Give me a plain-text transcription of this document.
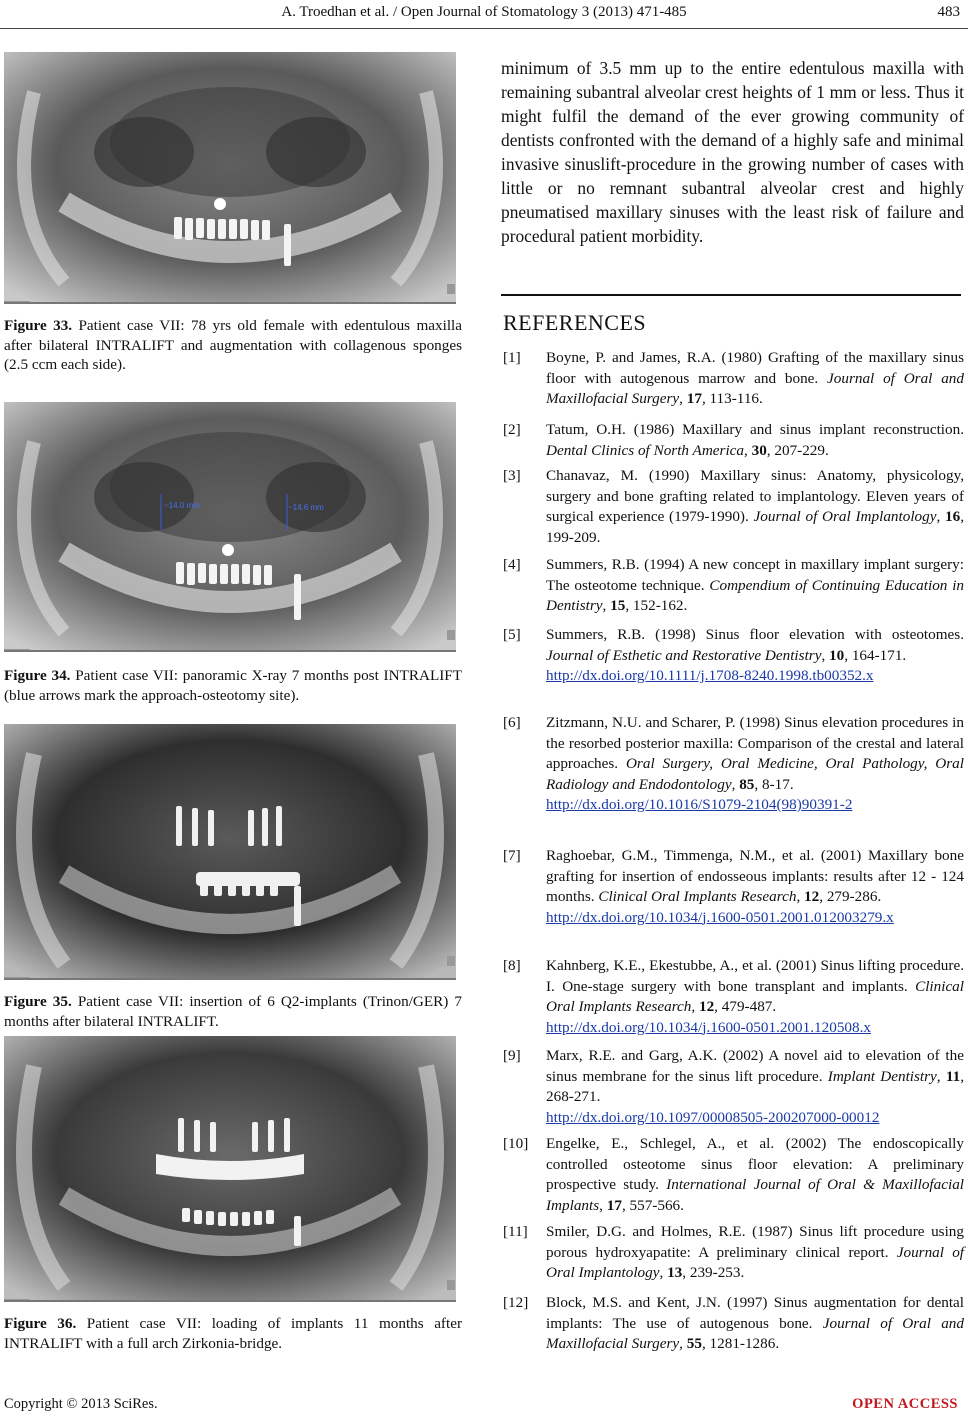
A. Troedhan et al. / Open Journal of Stomatology 3 (2013) 471-485	483
Figure 33. Patient case VII: 78 yrs old female with edentulous maxilla after bilateral INTRALIFT and augmentation with collagenous sponges (2.5 ccm each side).
~14.0 mm	~14.6 mm
Figure 34. Patient case VII: panoramic X-ray 7 months post INTRALIFT (blue arrows mark the approach-osteotomy site).
Figure 35. Patient case VII: insertion of 6 Q2-implants (Trinon/GER) 7 months after bilateral INTRALIFT.
Figure 36. Patient case VII: loading of implants 11 months after INTRALIFT with a full arch Zirkonia-bridge.

minimum of 3.5 mm up to the entire edentulous maxilla with remaining subantral alveolar crest heights of 1 mm or less. Thus it might fulfil the demand of the ever growing community of dentists confronted with the demand of a highly safe and minimal invasive sinuslift-procedure in the growing number of cases with little or no remnant subantral alveolar crest and highly pneumatised maxillary sinuses with the least risk of failure and procedural patient morbidity.

REFERENCES
[1] Boyne, P. and James, R.A. (1980) Grafting of the maxillary sinus floor with autogenous marrow and bone. Journal of Oral and Maxillofacial Surgery, 17, 113-116.
[2] Tatum, O.H. (1986) Maxillary and sinus implant reconstruction. Dental Clinics of North America, 30, 207-229.
[3] Chanavaz, M. (1990) Maxillary sinus: Anatomy, physicology, surgery and bone grafting related to implantology. Eleven years of surgical experience (1979-1990). Journal of Oral Implantology, 16, 199-209.
[4] Summers, R.B. (1994) A new concept in maxillary implant surgery: The osteotome technique. Compendium of Continuing Education in Dentistry, 15, 152-162.
[5] Summers, R.B. (1998) Sinus floor elevation with osteotomes. Journal of Esthetic and Restorative Dentistry, 10, 164-171.
http://dx.doi.org/10.1111/j.1708-8240.1998.tb00352.x
[6] Zitzmann, N.U. and Scharer, P. (1998) Sinus elevation procedures in the resorbed posterior maxilla: Comparison of the crestal and lateral approaches. Oral Surgery, Oral Medicine, Oral Pathology, Oral Radiology and Endodontology, 85, 8-17.
http://dx.doi.org/10.1016/S1079-2104(98)90391-2
[7] Raghoebar, G.M., Timmenga, N.M., et al. (2001) Maxillary bone grafting for insertion of endosseous implants: results after 12 - 124 months. Clinical Oral Implants Research, 12, 279-286.
http://dx.doi.org/10.1034/j.1600-0501.2001.012003279.x
[8] Kahnberg, K.E., Ekestubbe, A., et al. (2001) Sinus lifting procedure. I. One-stage surgery with bone transplant and implants. Clinical Oral Implants Research, 12, 479-487.
http://dx.doi.org/10.1034/j.1600-0501.2001.120508.x
[9] Marx, R.E. and Garg, A.K. (2002) A novel aid to elevation of the sinus membrane for the sinus lift procedure. Implant Dentistry, 11, 268-271.
http://dx.doi.org/10.1097/00008505-200207000-00012
[10] Engelke, E., Schlegel, A., et al. (2002) The endoscopically controlled osteotome sinus floor elevation: A preliminary prospective study. International Journal of Oral & Maxillofacial Implants, 17, 557-566.
[11] Smiler, D.G. and Holmes, R.E. (1987) Sinus lift procedure using porous hydroxyapatite: A preliminary clinical report. Journal of Oral Implantology, 13, 239-253.
[12] Block, M.S. and Kent, J.N. (1997) Sinus augmentation for dental implants: The use of autogenous bone. Journal of Oral and Maxillofacial Surgery, 55, 1281-1286.
Copyright © 2013 SciRes.	OPEN ACCESS
